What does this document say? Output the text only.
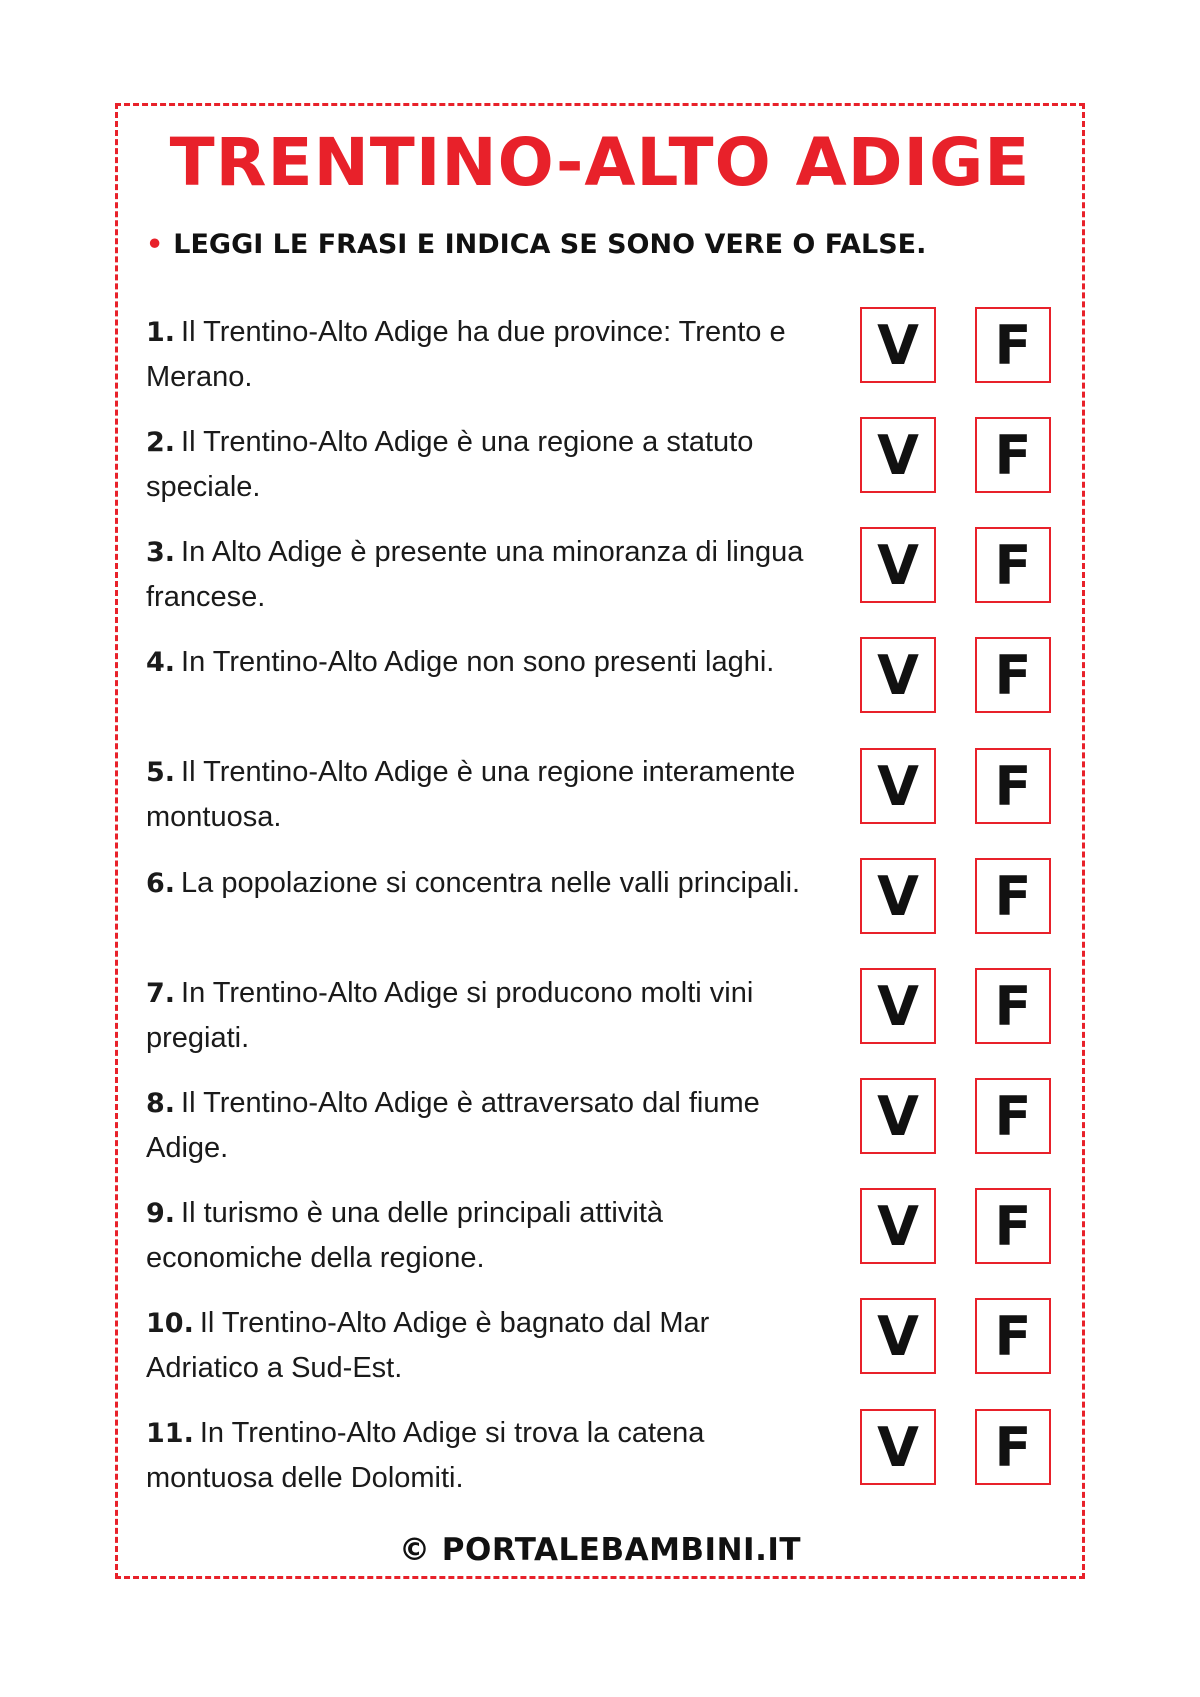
TRENTINO-ALTO ADIGE
• LEGGI LE FRASI E INDICA SE SONO VERE O FALSE.
1. Il Trentino-Alto Adige ha due province: Trento e Merano.
V	F
2. Il Trentino-Alto Adige è una regione a statuto speciale.
V	F
3. In Alto Adige è presente una minoranza di lingua francese.
V	F
4. In Trentino-Alto Adige non sono presenti laghi.	V	F
5. Il Trentino-Alto Adige è una regione interamente montuosa.	V	F
6. La popolazione si concentra nelle valli principali.	V	F
7. In Trentino-Alto Adige si producono molti vini pregiati.
V	F
8. Il Trentino-Alto Adige è attraversato dal fiume Adige.
V	F
9. Il turismo è una delle principali attività economiche della regione.
V	F
10. Il Trentino-Alto Adige è bagnato dal Mar Adriatico a Sud-Est.
V	F
11. In Trentino-Alto Adige si trova la catena montuosa delle Dolomiti.	V	F
© PORTALEBAMBINI.IT
